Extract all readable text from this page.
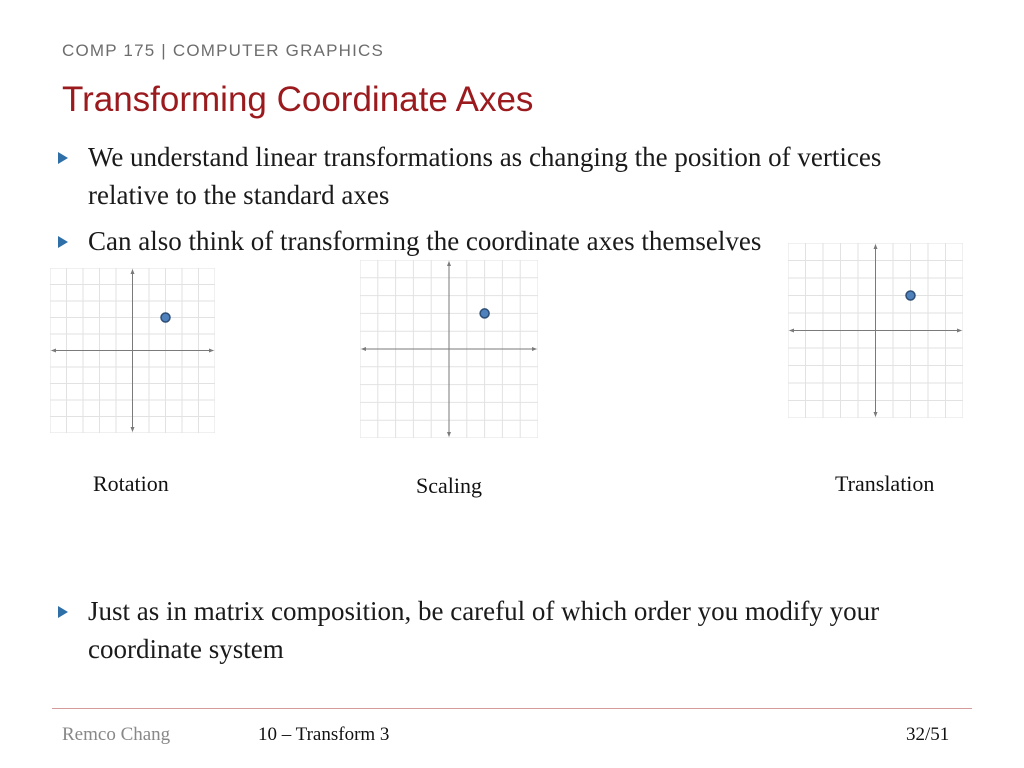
COMP 175 | COMPUTER GRAPHICS
Transforming Coordinate Axes
We understand linear transformations as changing the position of vertices relative to the standard axes
Can also think of transforming the coordinate axes themselves
Rotation	Scaling	Translation
Just as in matrix composition, be careful of which order you modify your coordinate system
Remco Chang	10 – Transform 3	32/51
